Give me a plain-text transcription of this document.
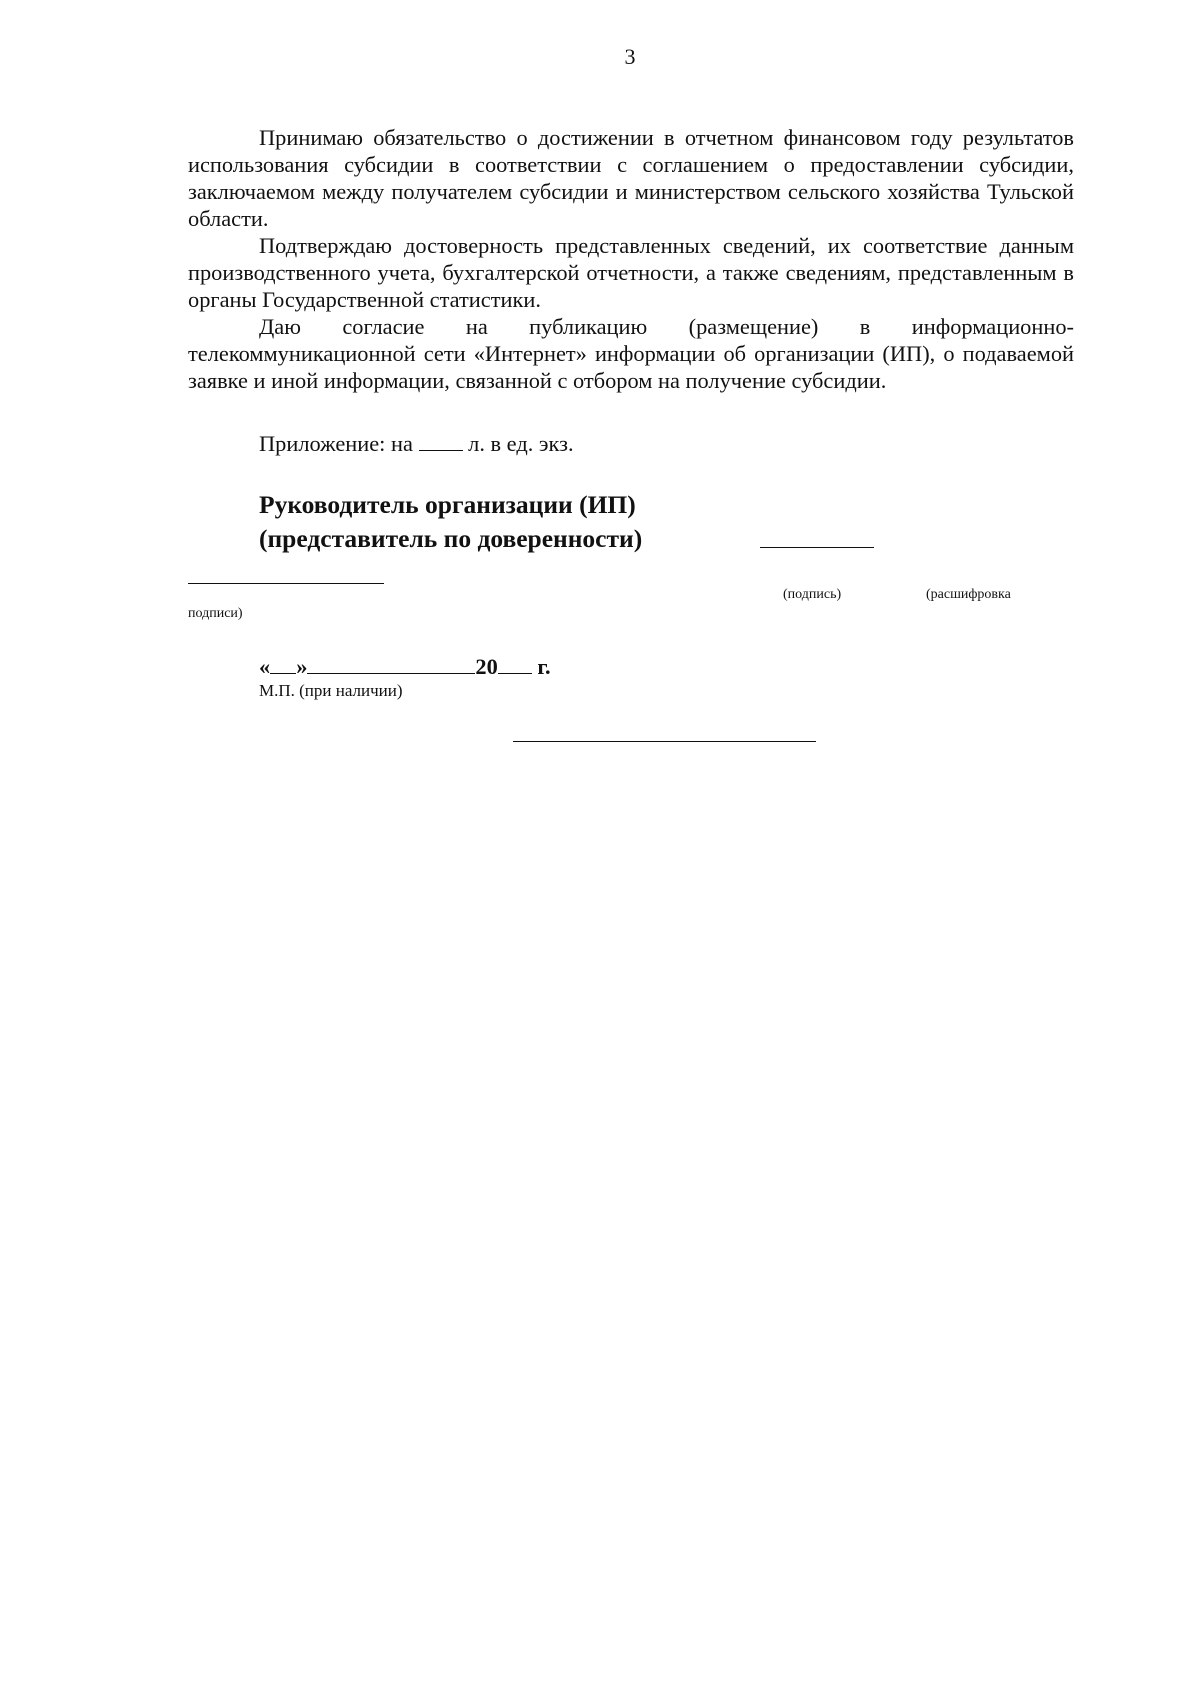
3

Принимаю обязательство о достижении в отчетном финансовом году результатов использования субсидии в соответствии с соглашением о предоставлении субсидии, заключаемом между получателем субсидии и министерством сельского хозяйства Тульской области.

Подтверждаю достоверность представленных сведений, их соответствие данным производственного учета, бухгалтерской отчетности, а также сведениям, представленным в органы Государственной статистики.

Даю согласие на публикацию (размещение) в информационно-телекоммуникационной сети «Интернет» информации об организации (ИП), о подаваемой заявке и иной информации, связанной с отбором на получение субсидии.

Приложение: на л. в ед. экз.
Руководитель организации (ИП)
(представитель по доверенности)
(подпись)	(расшифровка
подписи)
« »	20 г.
М.П. (при наличии)
